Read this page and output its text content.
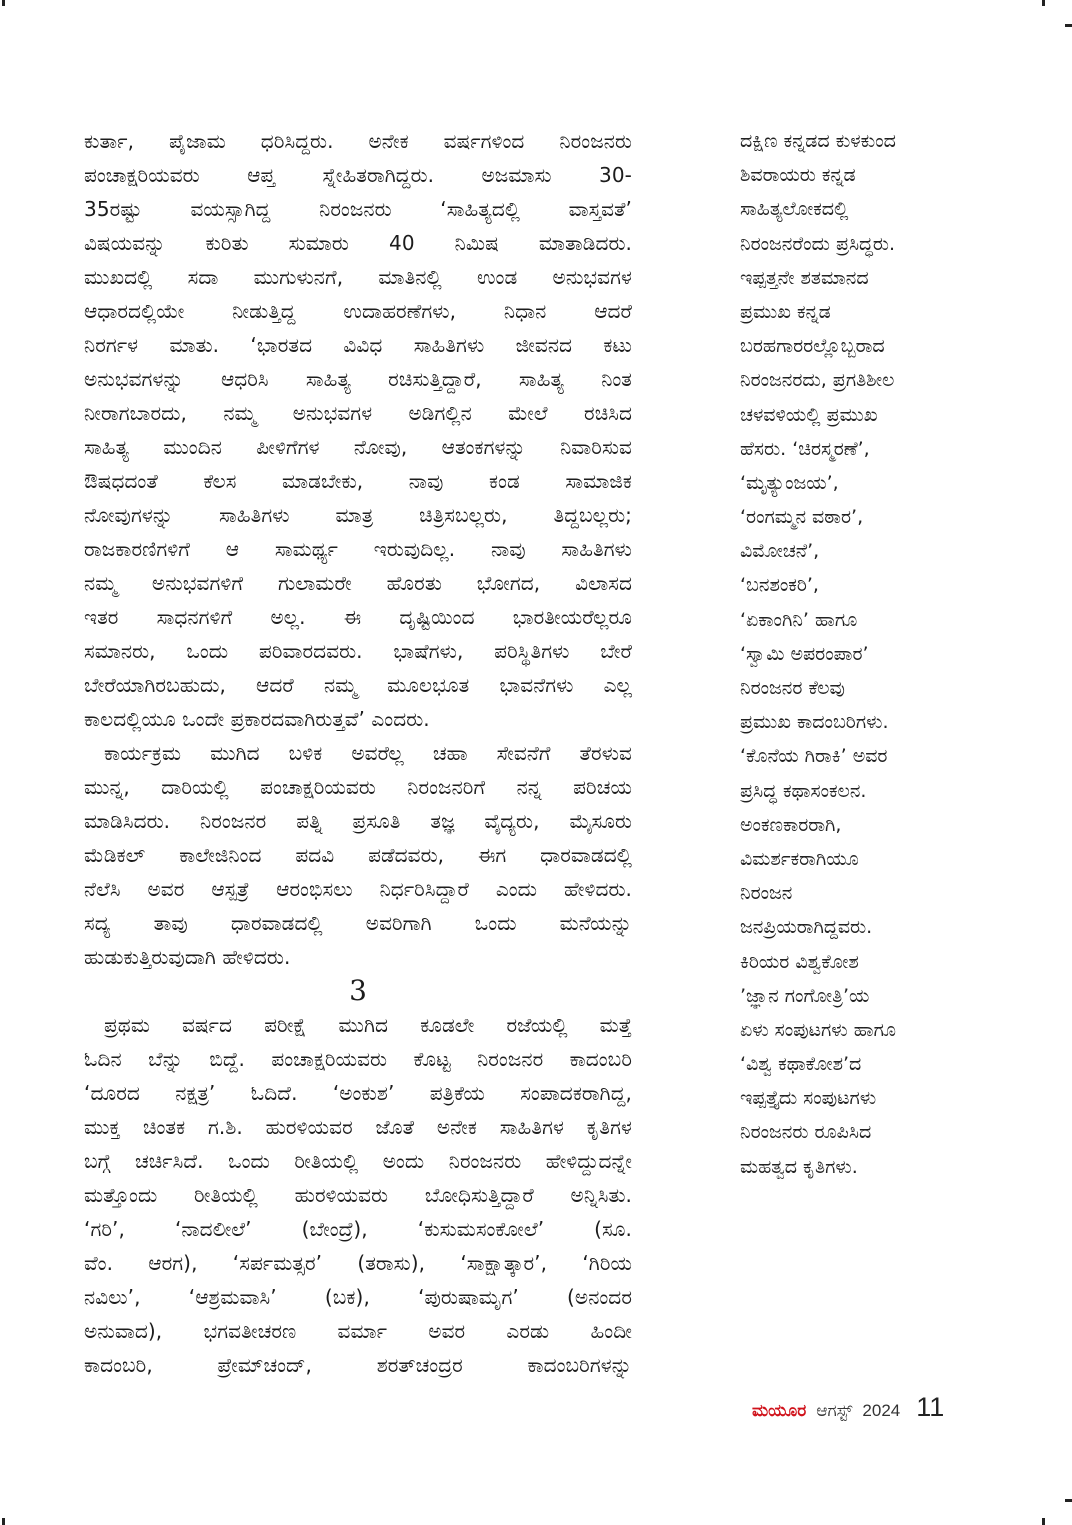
ಕುರ್ತಾ, ಪೈಜಾಮ ಧರಿಸಿದ್ದರು. ಅನೇಕ ವರ್ಷಗಳಿಂದ ನಿರಂಜನರು
ಪಂಚಾಕ್ಷರಿಯವರು ಆಪ್ತ ಸ್ನೇಹಿತರಾಗಿದ್ದರು. ಅಜಮಾಸು 30-
35ರಷ್ಟು ವಯಸ್ಸಾಗಿದ್ದ ನಿರಂಜನರು ‘ಸಾಹಿತ್ಯದಲ್ಲಿ ವಾಸ್ತವತೆ’
ವಿಷಯವನ್ನು ಕುರಿತು ಸುಮಾರು 40 ನಿಮಿಷ ಮಾತಾಡಿದರು.
ಮುಖದಲ್ಲಿ ಸದಾ ಮುಗುಳುನಗೆ, ಮಾತಿನಲ್ಲಿ ಉಂಡ ಅನುಭವಗಳ
ಆಧಾರದಲ್ಲಿಯೇ ನೀಡುತ್ತಿದ್ದ ಉದಾಹರಣೆಗಳು, ನಿಧಾನ ಆದರೆ
ನಿರರ್ಗಳ ಮಾತು. ‘ಭಾರತದ ವಿವಿಧ ಸಾಹಿತಿಗಳು ಜೀವನದ ಕಟು
ಅನುಭವಗಳನ್ನು ಆಧರಿಸಿ ಸಾಹಿತ್ಯ ರಚಿಸುತ್ತಿದ್ದಾರೆ, ಸಾಹಿತ್ಯ ನಿಂತ
ನೀರಾಗಬಾರದು, ನಮ್ಮ ಅನುಭವಗಳ ಅಡಿಗಲ್ಲಿನ ಮೇಲೆ ರಚಿಸಿದ
ಸಾಹಿತ್ಯ ಮುಂದಿನ ಪೀಳಿಗೆಗಳ ನೋವು, ಆತಂಕಗಳನ್ನು ನಿವಾರಿಸುವ
ಔಷಧದಂತೆ ಕೆಲಸ ಮಾಡಬೇಕು, ನಾವು ಕಂಡ ಸಾಮಾಜಿಕ
ನೋವುಗಳನ್ನು ಸಾಹಿತಿಗಳು ಮಾತ್ರ ಚಿತ್ರಿಸಬಲ್ಲರು, ತಿದ್ದಬಲ್ಲರು;
ರಾಜಕಾರಣಿಗಳಿಗೆ ಆ ಸಾಮರ್ಥ್ಯ ಇರುವುದಿಲ್ಲ. ನಾವು ಸಾಹಿತಿಗಳು
ನಮ್ಮ ಅನುಭವಗಳಿಗೆ ಗುಲಾಮರೇ ಹೊರತು ಭೋಗದ, ವಿಲಾಸದ
ಇತರ ಸಾಧನಗಳಿಗೆ ಅಲ್ಲ. ಈ ದೃಷ್ಟಿಯಿಂದ ಭಾರತೀಯರೆಲ್ಲರೂ
ಸಮಾನರು, ಒಂದು ಪರಿವಾರದವರು. ಭಾಷೆಗಳು, ಪರಿಸ್ಥಿತಿಗಳು ಬೇರೆ
ಬೇರೆಯಾಗಿರಬಹುದು, ಆದರೆ ನಮ್ಮ ಮೂಲಭೂತ ಭಾವನೆಗಳು ಎಲ್ಲ
ಕಾಲದಲ್ಲಿಯೂ ಒಂದೇ ಪ್ರಕಾರದವಾಗಿರುತ್ತವೆ’ ಎಂದರು.
ಕಾರ್ಯಕ್ರಮ ಮುಗಿದ ಬಳಿಕ ಅವರೆಲ್ಲ ಚಹಾ ಸೇವನೆಗೆ ತೆರಳುವ
ಮುನ್ನ, ದಾರಿಯಲ್ಲಿ ಪಂಚಾಕ್ಷರಿಯವರು ನಿರಂಜನರಿಗೆ ನನ್ನ ಪರಿಚಯ
ಮಾಡಿಸಿದರು. ನಿರಂಜನರ ಪತ್ನಿ ಪ್ರಸೂತಿ ತಜ್ಞ ವೈದ್ಯರು, ಮೈಸೂರು
ಮೆಡಿಕಲ್ ಕಾಲೇಜಿನಿಂದ ಪದವಿ ಪಡೆದವರು, ಈಗ ಧಾರವಾಡದಲ್ಲಿ
ನೆಲೆಸಿ ಅವರ ಆಸ್ಪತ್ರೆ ಆರಂಭಿಸಲು ನಿರ್ಧರಿಸಿದ್ದಾರೆ ಎಂದು ಹೇಳಿದರು.
ಸದ್ಯ ತಾವು ಧಾರವಾಡದಲ್ಲಿ ಅವರಿಗಾಗಿ ಒಂದು ಮನೆಯನ್ನು
ಹುಡುಕುತ್ತಿರುವುದಾಗಿ ಹೇಳಿದರು.
3
ಪ್ರಥಮ ವರ್ಷದ ಪರೀಕ್ಷೆ ಮುಗಿದ ಕೂಡಲೇ ರಜೆಯಲ್ಲಿ ಮತ್ತೆ
ಓದಿನ ಬೆನ್ನು ಬಿದ್ದೆ. ಪಂಚಾಕ್ಷರಿಯವರು ಕೊಟ್ಟ ನಿರಂಜನರ ಕಾದಂಬರಿ
‘ದೂರದ ನಕ್ಷತ್ರ’ ಓದಿದೆ. ‘ಅಂಕುಶ’ ಪತ್ರಿಕೆಯ ಸಂಪಾದಕರಾಗಿದ್ದ,
ಮುಕ್ತ ಚಿಂತಕ ಗ.ಶಿ. ಹುರಳಿಯವರ ಜೊತೆ ಅನೇಕ ಸಾಹಿತಿಗಳ ಕೃತಿಗಳ
ಬಗ್ಗೆ ಚರ್ಚಿಸಿದೆ. ಒಂದು ರೀತಿಯಲ್ಲಿ ಅಂದು ನಿರಂಜನರು ಹೇಳಿದ್ದುದನ್ನೇ
ಮತ್ತೊಂದು ರೀತಿಯಲ್ಲಿ ಹುರಳಿಯವರು ಬೋಧಿಸುತ್ತಿದ್ದಾರೆ ಅನ್ನಿಸಿತು.
‘ಗರಿ’, ‘ನಾದಲೀಲೆ’ (ಬೇಂದ್ರೆ), ‘ಕುಸುಮಸಂಕೋಲೆ’ (ಸೂ.
ವೆಂ. ಆರಗ), ‘ಸರ್ಪಮತ್ಸರ’ (ತರಾಸು), ‘ಸಾಕ್ಷಾತ್ಕಾರ’, ‘ಗಿರಿಯ
ನವಿಲು’, ‘ಆಶ್ರಮವಾಸಿ’ (ಬಕ), ‘ಪುರುಷಾಮೃಗ’ (ಅನಂದರ
ಅನುವಾದ), ಭಗವತೀಚರಣ ವರ್ಮಾ ಅವರ ಎರಡು ಹಿಂದೀ
ಕಾದಂಬರಿ, ಪ್ರೇಮ್‌ಚಂದ್, ಶರತ್‌ಚಂದ್ರರ ಕಾದಂಬರಿಗಳನ್ನು
ದಕ್ಷಿಣ ಕನ್ನಡದ ಕುಳಕುಂದ
ಶಿವರಾಯರು ಕನ್ನಡ
ಸಾಹಿತ್ಯಲೋಕದಲ್ಲಿ
ನಿರಂಜನರೆಂದು ಪ್ರಸಿದ್ಧರು.
ಇಪ್ಪತ್ತನೇ ಶತಮಾನದ
ಪ್ರಮುಖ ಕನ್ನಡ
ಬರಹಗಾರರಲ್ಲೊಬ್ಬರಾದ
ನಿರಂಜನರದು, ಪ್ರಗತಿಶೀಲ
ಚಳವಳಿಯಲ್ಲಿ ಪ್ರಮುಖ
ಹೆಸರು. ‘ಚಿರಸ್ಮರಣೆ’,
‘ಮೃತ್ಯುಂಜಯ’,
‘ರಂಗಮ್ಮನ ವಠಾರ’,
ವಿಮೋಚನೆ’,
‘ಬನಶಂಕರಿ’,
‘ಏಕಾಂಗಿನಿ’ ಹಾಗೂ
‘ಸ್ವಾಮಿ ಅಪರಂಪಾರ’
ನಿರಂಜನರ ಕೆಲವು
ಪ್ರಮುಖ ಕಾದಂಬರಿಗಳು.
‘ಕೊನೆಯ ಗಿರಾಕಿ’ ಅವರ
ಪ್ರಸಿದ್ಧ ಕಥಾಸಂಕಲನ.
ಅಂಕಣಕಾರರಾಗಿ,
ವಿಮರ್ಶಕರಾಗಿಯೂ
ನಿರಂಜನ
ಜನಪ್ರಿಯರಾಗಿದ್ದವರು.
ಕಿರಿಯರ ವಿಶ್ವಕೋಶ
’ಜ್ಞಾನ ಗಂಗೋತ್ರಿ’ಯ
ಏಳು ಸಂಪುಟಗಳು ಹಾಗೂ
‘ವಿಶ್ವ ಕಥಾಕೋಶ’ದ
ಇಪ್ಪತ್ತೈದು ಸಂಪುಟಗಳು
ನಿರಂಜನರು ರೂಪಿಸಿದ
ಮಹತ್ವದ ಕೃತಿಗಳು.
ಮಯೂರ ಆಗಸ್ಟ್ 2024 11
